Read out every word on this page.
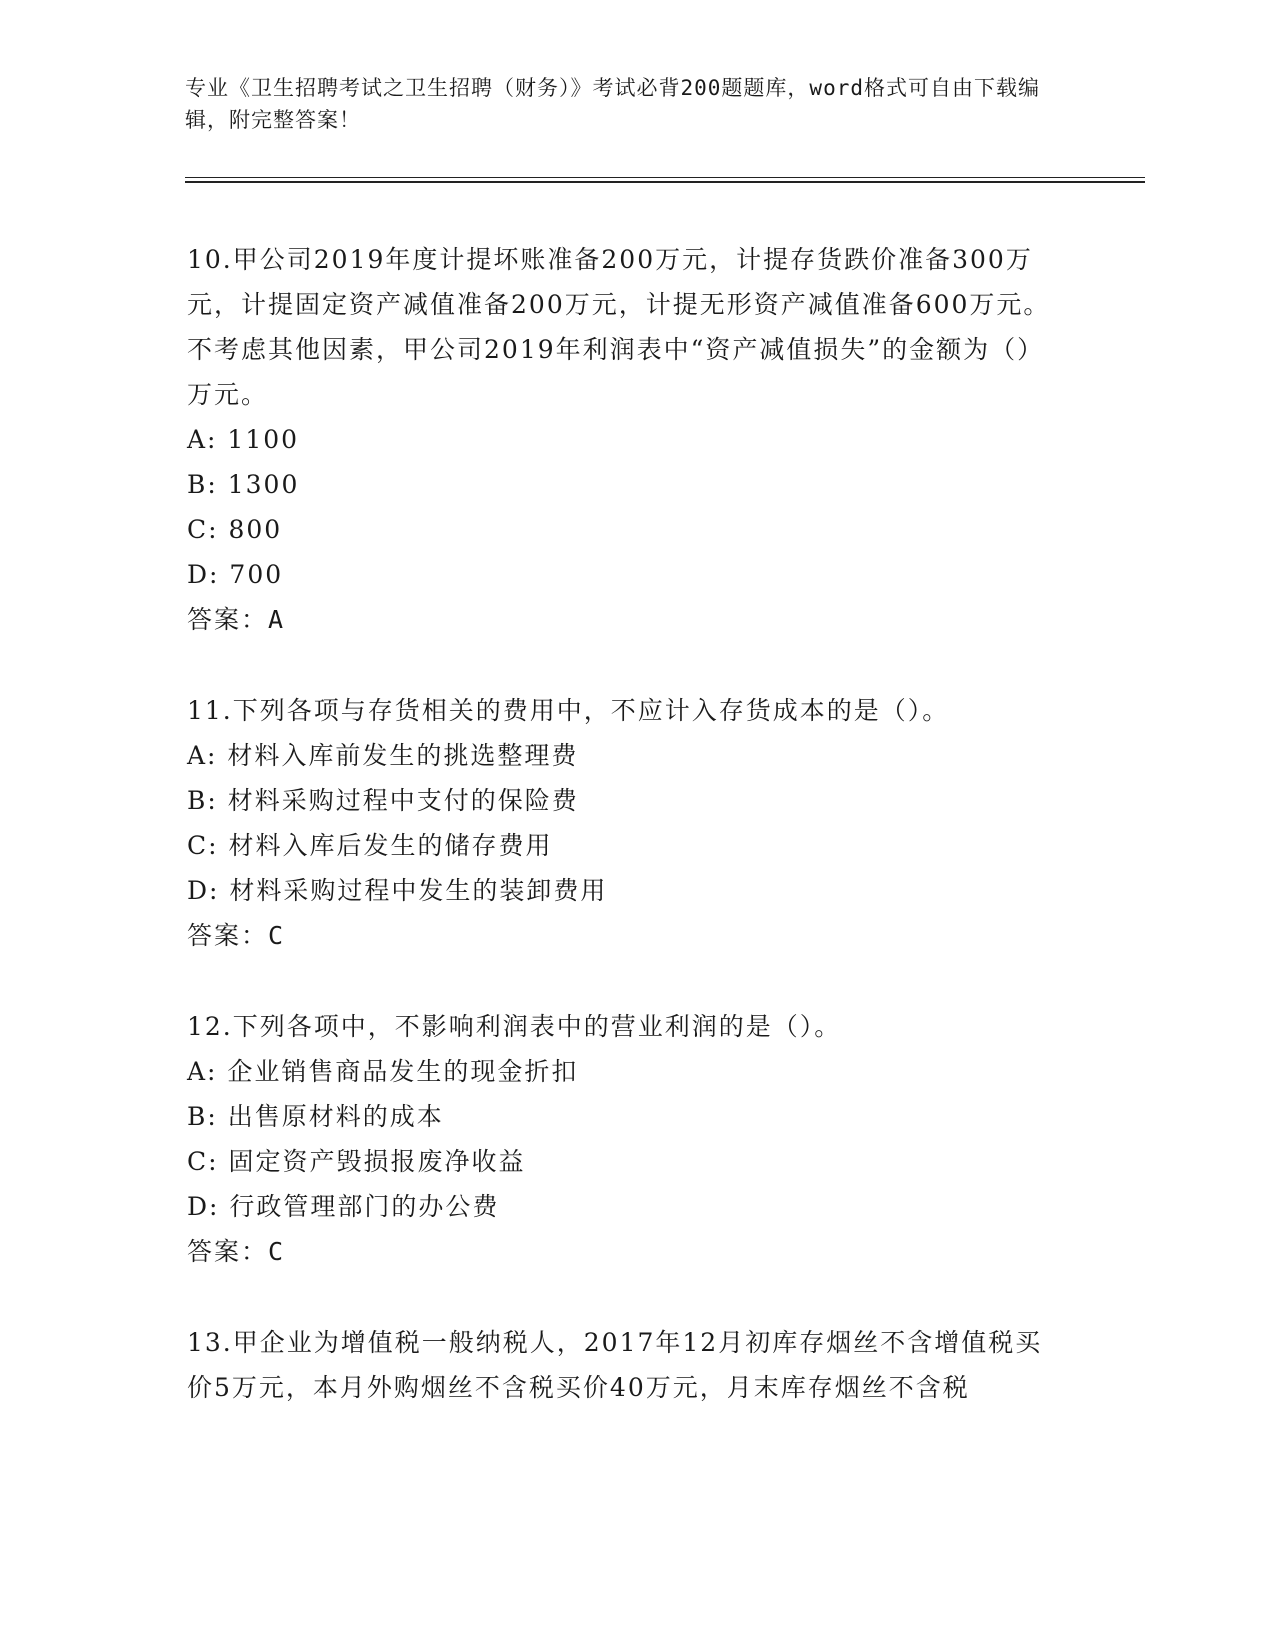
专业《卫生招聘考试之卫生招聘（财务）》考试必背200题题库，word格式可自由下载编辑，附完整答案！

10.甲公司2019年度计提坏账准备200万元，计提存货跌价准备300万元，计提固定资产减值准备200万元，计提无形资产减值准备600万元。不考虑其他因素，甲公司2019年利润表中“资产减值损失”的金额为（）万元。

A: 1100

B: 1300

C: 800

D: 700

答案：A

11.下列各项与存货相关的费用中，不应计入存货成本的是（）。

A: 材料入库前发生的挑选整理费

B: 材料采购过程中支付的保险费

C: 材料入库后发生的储存费用

D: 材料采购过程中发生的装卸费用

答案：C

12.下列各项中，不影响利润表中的营业利润的是（）。

A: 企业销售商品发生的现金折扣

B: 出售原材料的成本

C: 固定资产毁损报废净收益

D: 行政管理部门的办公费

答案：C

13.甲企业为增值税一般纳税人，2017年12月初库存烟丝不含增值税买价5万元，本月外购烟丝不含税买价40万元，月末库存烟丝不含税
